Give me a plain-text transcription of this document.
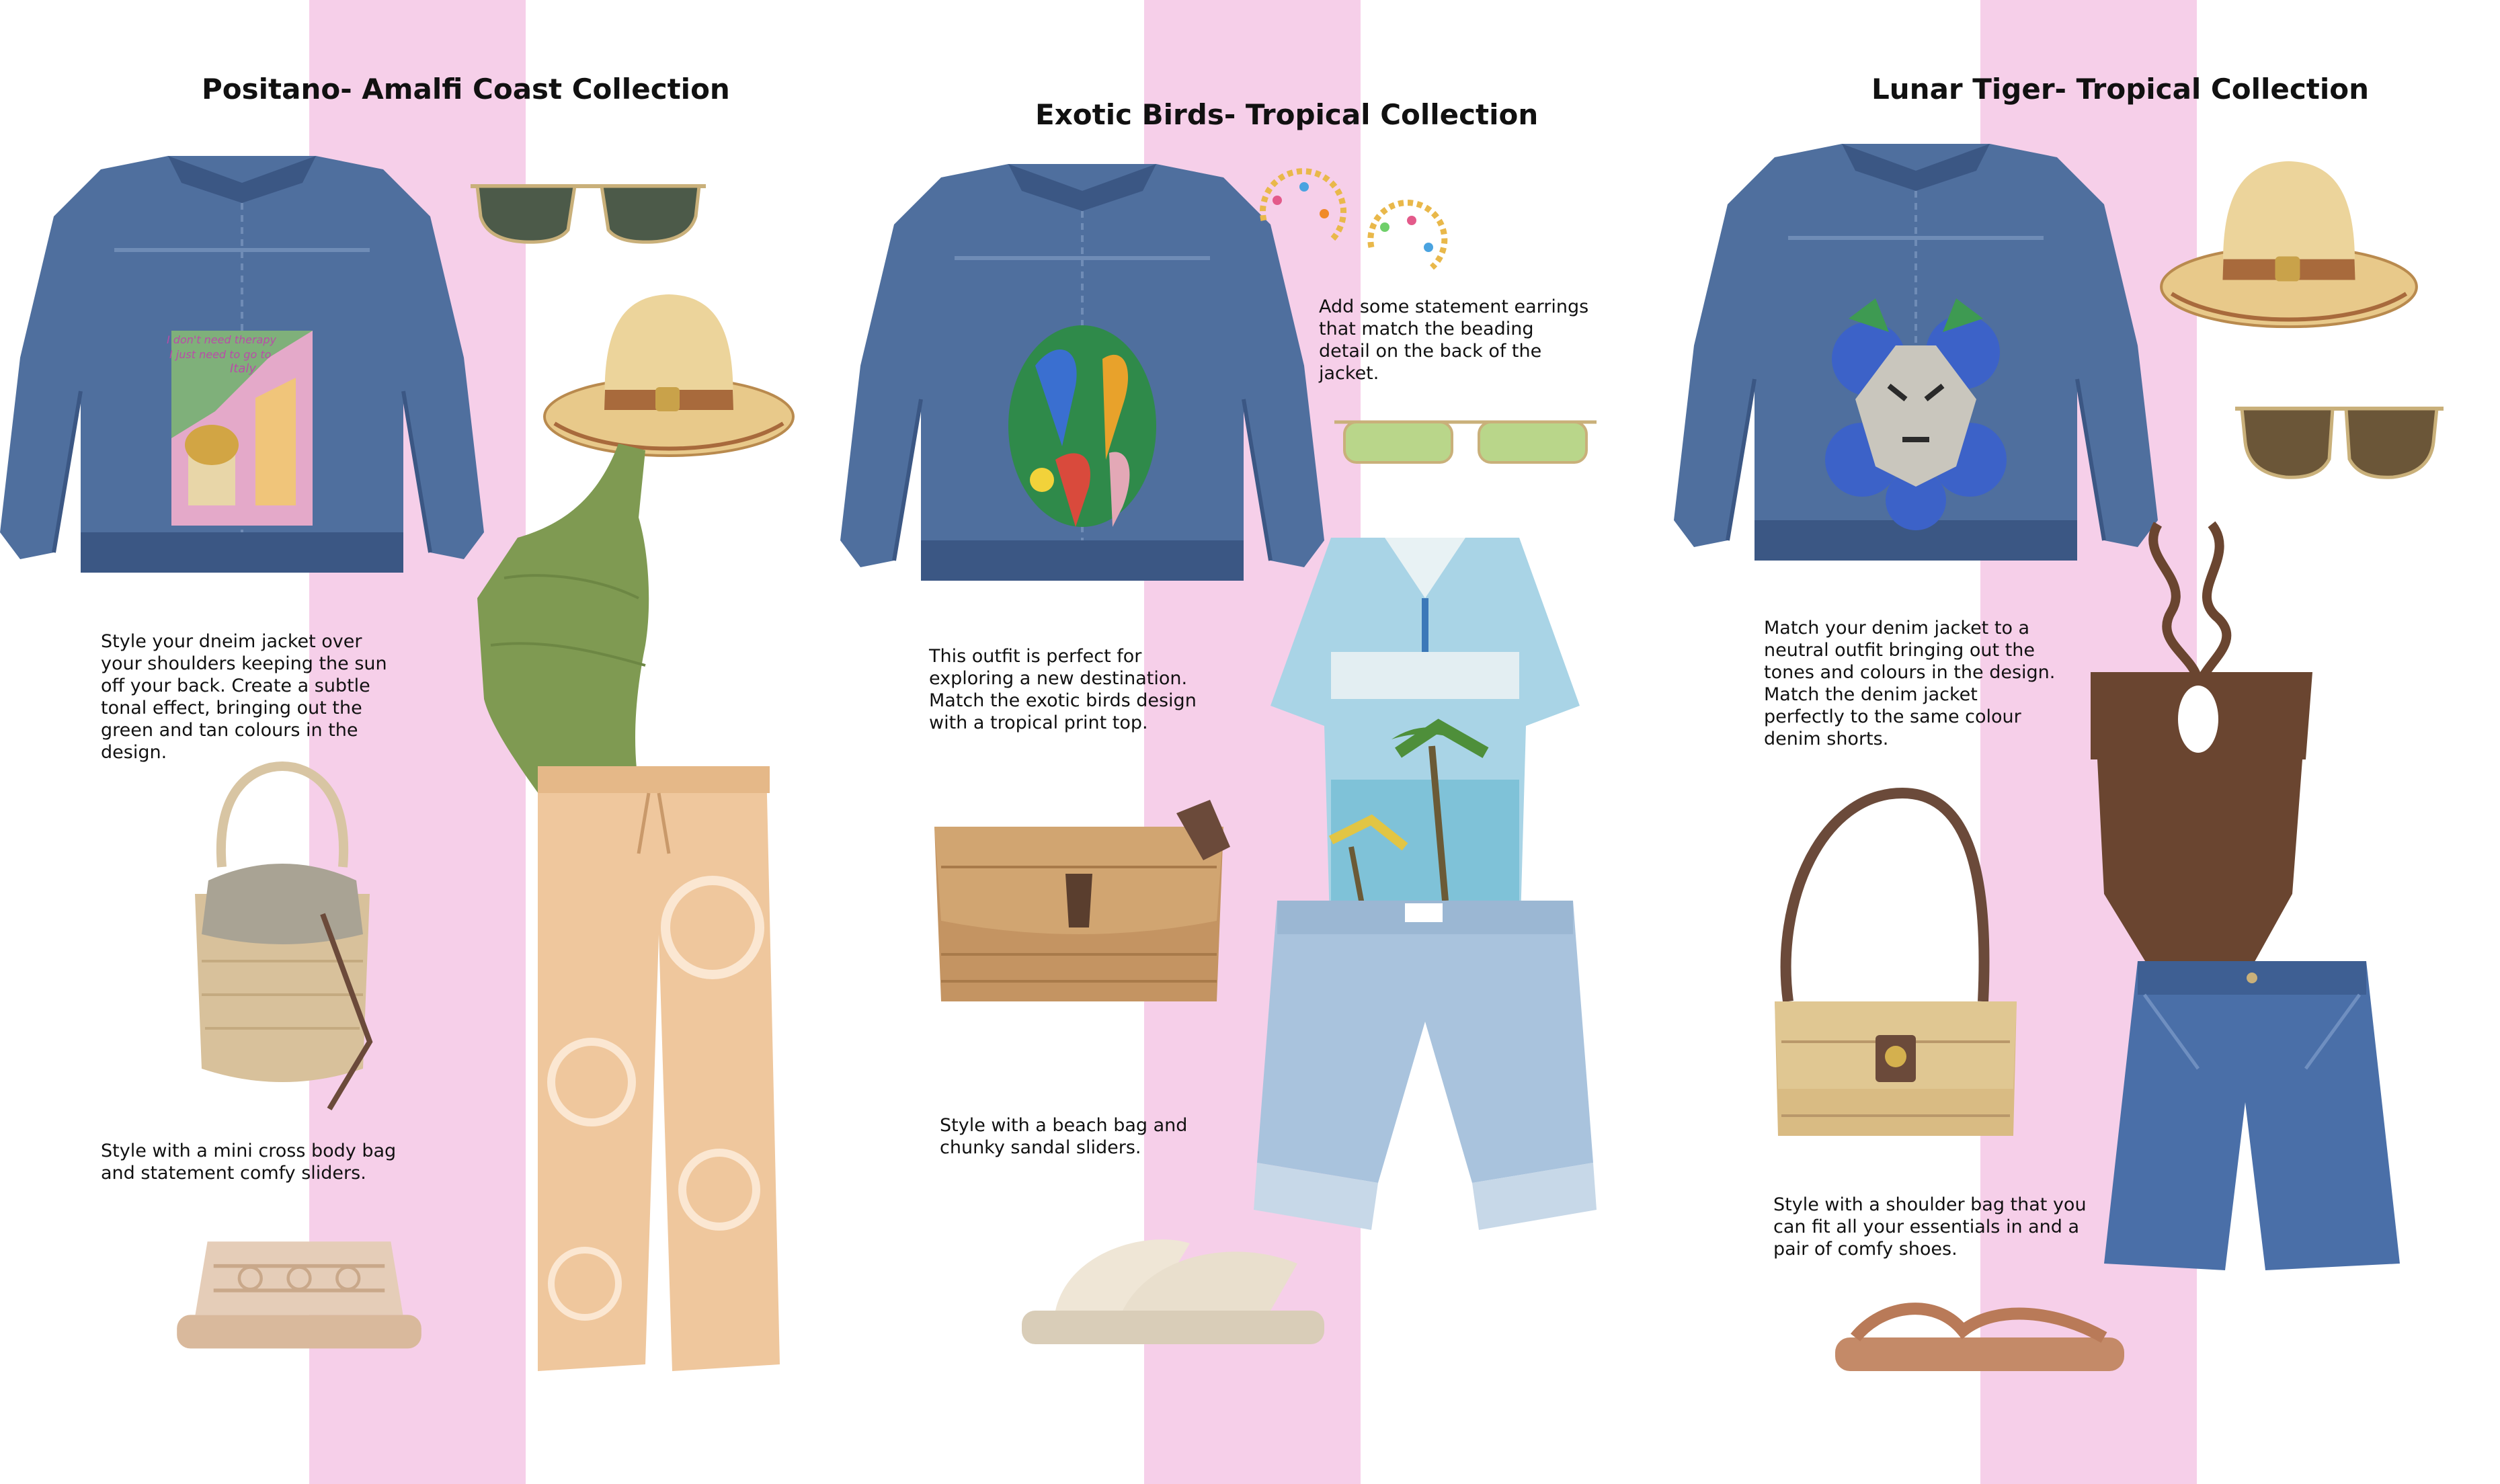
Positano- Amalfi Coast Collection
I don't need therapy
I just need to go to
Italy
Style your dneim jacket over
your shoulders keeping the sun
off your back. Create a subtle
tonal effect, bringing out the
green and tan colours in the
design.
Style with a mini cross body bag
and statement comfy sliders.
Exotic Birds- Tropical Collection
Add some statement earrings
that match the beading
detail on the back of the
jacket.
This outfit is perfect for
exploring a new destination.
Match the exotic birds design
with a tropical print top.
Style with a beach bag and
chunky sandal sliders.
Lunar Tiger- Tropical Collection
Match your denim jacket to a
neutral outfit bringing out the
tones and colours in the design.
Match the denim jacket
perfectly to the same colour
denim shorts.
Style with a shoulder bag that you
can fit all your essentials in and a
pair of comfy shoes.
